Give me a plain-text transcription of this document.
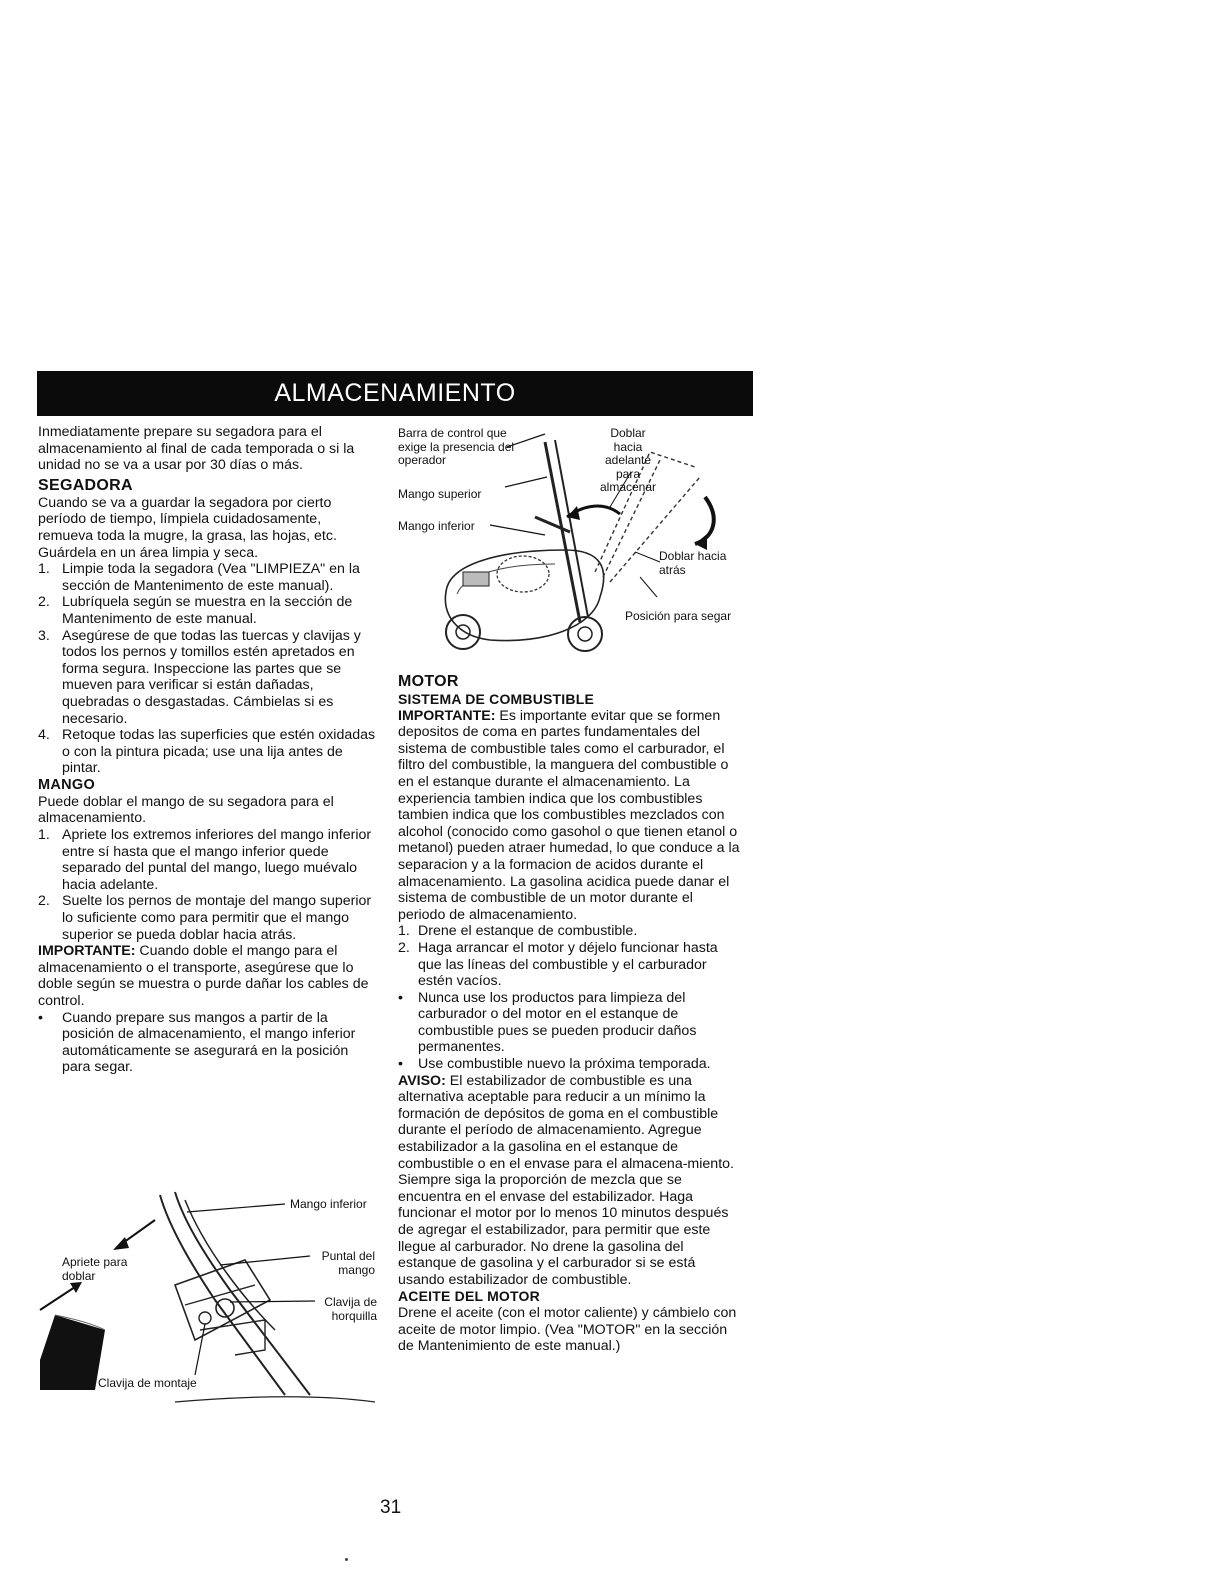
ALMACENAMIENTO

Inmediatamente prepare su segadora para el almacenamiento al final de cada temporada o si la unidad no se va a usar por 30 días o más.

SEGADORA

Cuando se va a guardar la segadora por cierto período de tiempo, límpiela cuidadosamente, remueva toda la mugre, la grasa, las hojas, etc. Guárdela en un área limpia y seca.

1. Limpie toda la segadora (Vea "LIMPIEZA" en la sección de Mantenimento de este manual).
2. Lubríquela según se muestra en la sección de Mantenimento de este manual.
3. Asegúrese de que todas las tuercas y clavijas y todos los pernos y tomillos estén apretados en forma segura. Inspeccione las partes que se mueven para verificar si están dañadas, quebradas o desgastadas. Cámbielas si es necesario.
4. Retoque todas las superficies que estén oxidadas o con la pintura picada; use una lija antes de pintar.

MANGO

Puede doblar el mango de su segadora para el almacenamiento.

1. Apriete los extremos inferiores del mango inferior entre sí hasta que el mango inferior quede separado del puntal del mango, luego muévalo hacia adelante.
2. Suelte los pernos de montaje del mango superior lo suficiente como para permitir que el mango superior se pueda doblar hacia atrás.

IMPORTANTE: Cuando doble el mango para el almacenamiento o el transporte, asegúrese que lo doble según se muestra o purde dañar los cables de control.

• Cuando prepare sus mangos a partir de la posición de almacenamiento, el mango inferior automáticamente se asegurará en la posición para segar.
Barra de control que exige la presencia del operador
Mango superior
Mango inferior
Doblar hacia adelante para almacenar
Doblar hacia atrás
Posición para segar
Mango inferior
Apriete para doblar
Puntal del mango
Clavija de horquilla
Clavija de montaje

MOTOR

SISTEMA DE COMBUSTIBLE

IMPORTANTE: Es importante evitar que se formen depositos de coma en partes fundamentales del sistema de combustible tales como el carburador, el filtro del combustible, la manguera del combustible o en el estanque durante el almacenamiento. La experiencia tambien indica que los combustibles tambien indica que los combustibles mezclados con alcohol (conocido como gasohol o que tienen etanol o metanol) pueden atraer humedad, lo que conduce a la separacion y a la formacion de acidos durante el almacenamiento. La gasolina acidica puede danar el sistema de combustible de un motor durante el periodo de almacenamiento.

1. Drene el estanque de combustible.
2. Haga arrancar el motor y déjelo funcionar hasta que las líneas del combustible y el carburador estén vacíos.
• Nunca use los productos para limpieza del carburador o del motor en el estanque de combustible pues se pueden producir daños permanentes.
• Use combustible nuevo la próxima temporada.

AVISO: El estabilizador de combustible es una alternativa aceptable para reducir a un mínimo la formación de depósitos de goma en el combustible durante el período de almacenamiento. Agregue estabilizador a la gasolina en el estanque de combustible o en el envase para el almacena-miento. Siempre siga la proporción de mezcla que se encuentra en el envase del estabilizador. Haga funcionar el motor por lo menos 10 minutos después de agregar el estabilizador, para permitir que este llegue al carburador. No drene la gasolina del estanque de gasolina y el carburador si se está usando estabilizador de combustible.

ACEITE DEL MOTOR

Drene el aceite (con el motor caliente) y cámbielo con aceite de motor limpio. (Vea "MOTOR" en la sección de Mantenimiento de este manual.)

31
